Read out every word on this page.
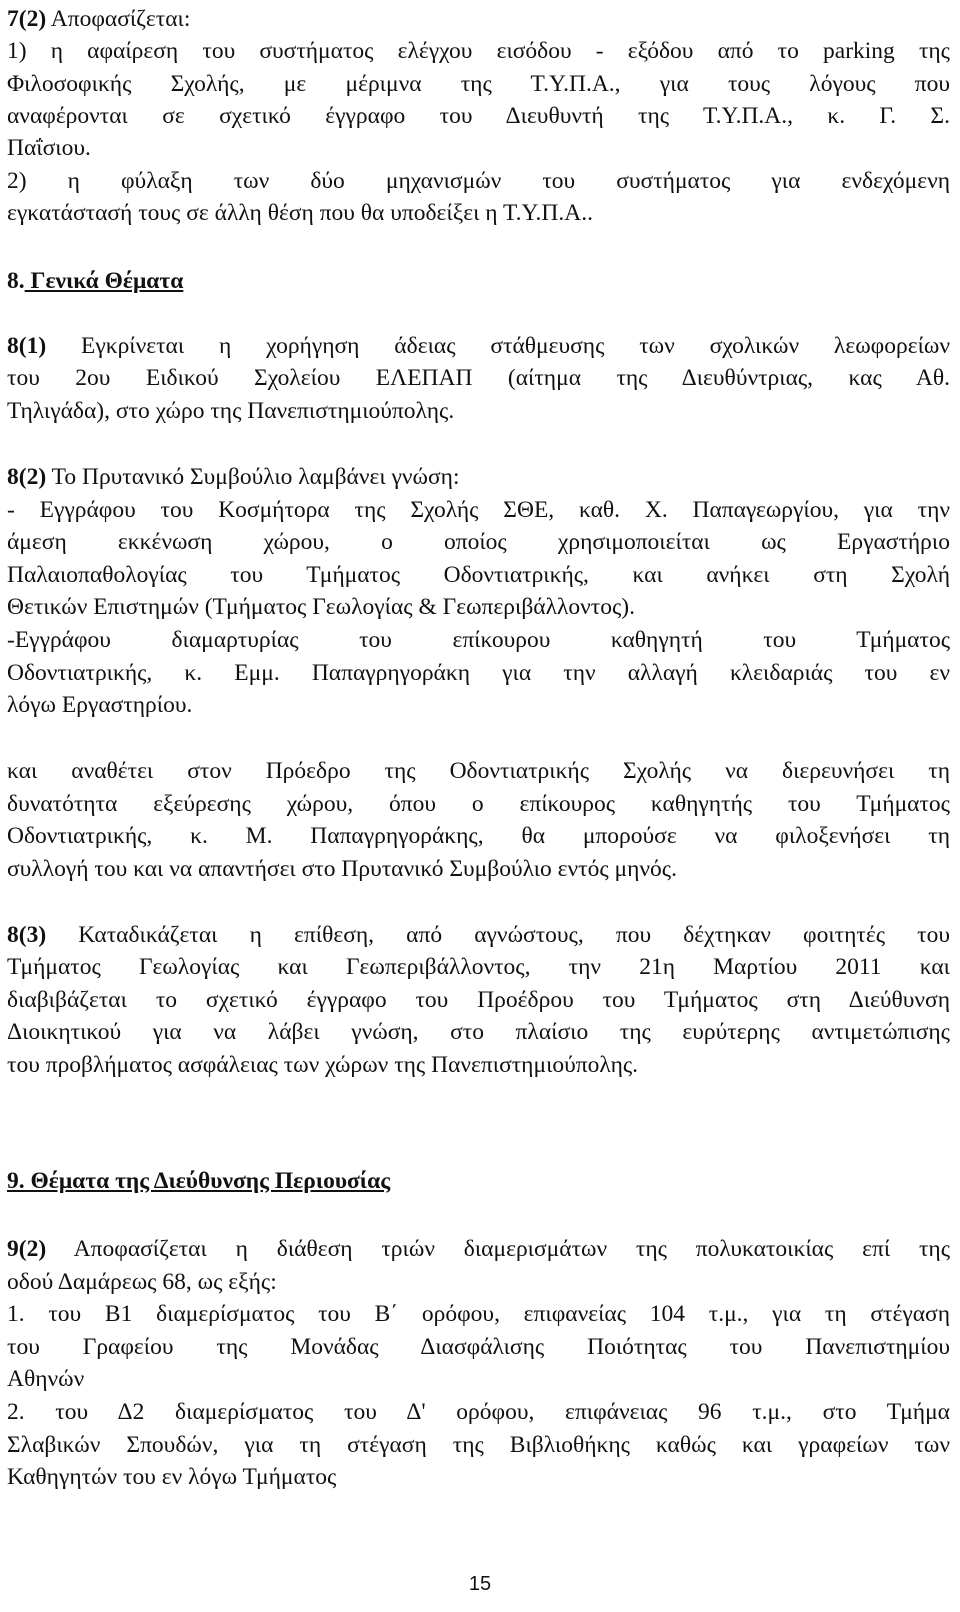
7(2) Αποφασίζεται:
1) η αφαίρεση του συστήματος ελέγχου εισόδου - εξόδου από το parking της
Φιλοσοφικής Σχολής, με μέριμνα της Τ.Υ.Π.Α., για τους λόγους που
αναφέρονται σε σχετικό έγγραφο του Διευθυντή της Τ.Υ.Π.Α., κ. Γ. Σ.
Παΐσιου.
2) η φύλαξη των δύο μηχανισμών του συστήματος για ενδεχόμενη
εγκατάστασή τους σε άλλη θέση που θα υποδείξει η Τ.Υ.Π.Α..
8. Γενικά Θέματα
8(1) Εγκρίνεται η χορήγηση άδειας στάθμευσης των σχολικών λεωφορείων
του 2ου Ειδικού Σχολείου ΕΛΕΠΑΠ (αίτημα της Διευθύντριας, κας Αθ.
Τηλιγάδα), στο χώρο της Πανεπιστημιούπολης.
8(2) Το Πρυτανικό Συμβούλιο λαμβάνει γνώση:
- Εγγράφου του Κοσμήτορα της Σχολής ΣΘΕ, καθ. Χ. Παπαγεωργίου, για την
άμεση εκκένωση χώρου, ο οποίος χρησιμοποιείται ως Εργαστήριο
Παλαιοπαθολογίας του Τμήματος Οδοντιατρικής, και ανήκει στη Σχολή
Θετικών Επιστημών (Τμήματος Γεωλογίας & Γεωπεριβάλλοντος).
-Εγγράφου διαμαρτυρίας του επίκουρου καθηγητή του Τμήματος
Οδοντιατρικής, κ. Εμμ. Παπαγρηγοράκη για την αλλαγή κλειδαριάς του εν
λόγω Εργαστηρίου.
και αναθέτει στον Πρόεδρο της Οδοντιατρικής Σχολής να διερευνήσει τη
δυνατότητα εξεύρεσης χώρου, όπου ο επίκουρος καθηγητής του Τμήματος
Οδοντιατρικής, κ. Μ. Παπαγρηγοράκης, θα μπορούσε να φιλοξενήσει τη
συλλογή του και να απαντήσει στο Πρυτανικό Συμβούλιο εντός μηνός.
8(3) Καταδικάζεται η επίθεση, από αγνώστους, που δέχτηκαν φοιτητές του
Τμήματος Γεωλογίας και Γεωπεριβάλλοντος, την 21η Μαρτίου 2011 και
διαβιβάζεται το σχετικό έγγραφο του Προέδρου του Τμήματος στη Διεύθυνση
Διοικητικού για να λάβει γνώση, στο πλαίσιο της ευρύτερης αντιμετώπισης
του προβλήματος ασφάλειας των χώρων της Πανεπιστημιούπολης.
9. Θέματα της Διεύθυνσης Περιουσίας
9(2) Αποφασίζεται η διάθεση τριών διαμερισμάτων της πολυκατοικίας επί της
οδού Δαμάρεως 68, ως εξής:
1. του Β1 διαμερίσματος του Β΄ ορόφου, επιφανείας 104 τ.μ., για τη στέγαση
του Γραφείου της Μονάδας Διασφάλισης Ποιότητας του Πανεπιστημίου
Αθηνών
2. του Δ2 διαμερίσματος του Δ' ορόφου, επιφάνειας 96 τ.μ., στο Τμήμα
Σλαβικών Σπουδών, για τη στέγαση της Βιβλιοθήκης καθώς και γραφείων των
Καθηγητών του εν λόγω Τμήματος
15
